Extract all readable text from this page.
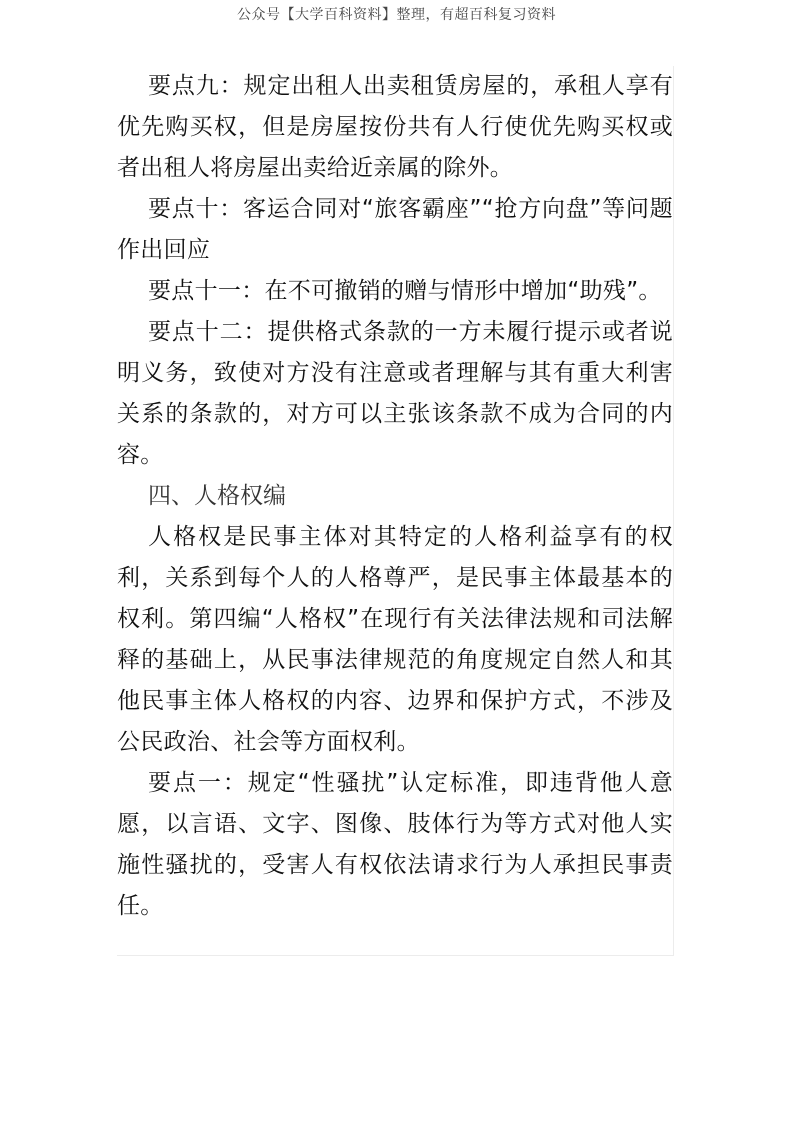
公众号【大学百科资料】整理，有超百科复习资料

要点九：规定出租人出卖租赁房屋的，承租人享有优先购买权，但是房屋按份共有人行使优先购买权或者出租人将房屋出卖给近亲属的除外。

要点十：客运合同对“旅客霸座”“抢方向盘”等问题作出回应

要点十一：在不可撤销的赠与情形中增加“助残”。

要点十二：提供格式条款的一方未履行提示或者说明义务，致使对方没有注意或者理解与其有重大利害关系的条款的，对方可以主张该条款不成为合同的内容。

四、人格权编

人格权是民事主体对其特定的人格利益享有的权利，关系到每个人的人格尊严，是民事主体最基本的权利。第四编“人格权”在现行有关法律法规和司法解释的基础上，从民事法律规范的角度规定自然人和其他民事主体人格权的内容、边界和保护方式，不涉及公民政治、社会等方面权利。

要点一：规定“性骚扰”认定标准，即违背他人意愿，以言语、文字、图像、肢体行为等方式对他人实施性骚扰的，受害人有权依法请求行为人承担民事责任。
